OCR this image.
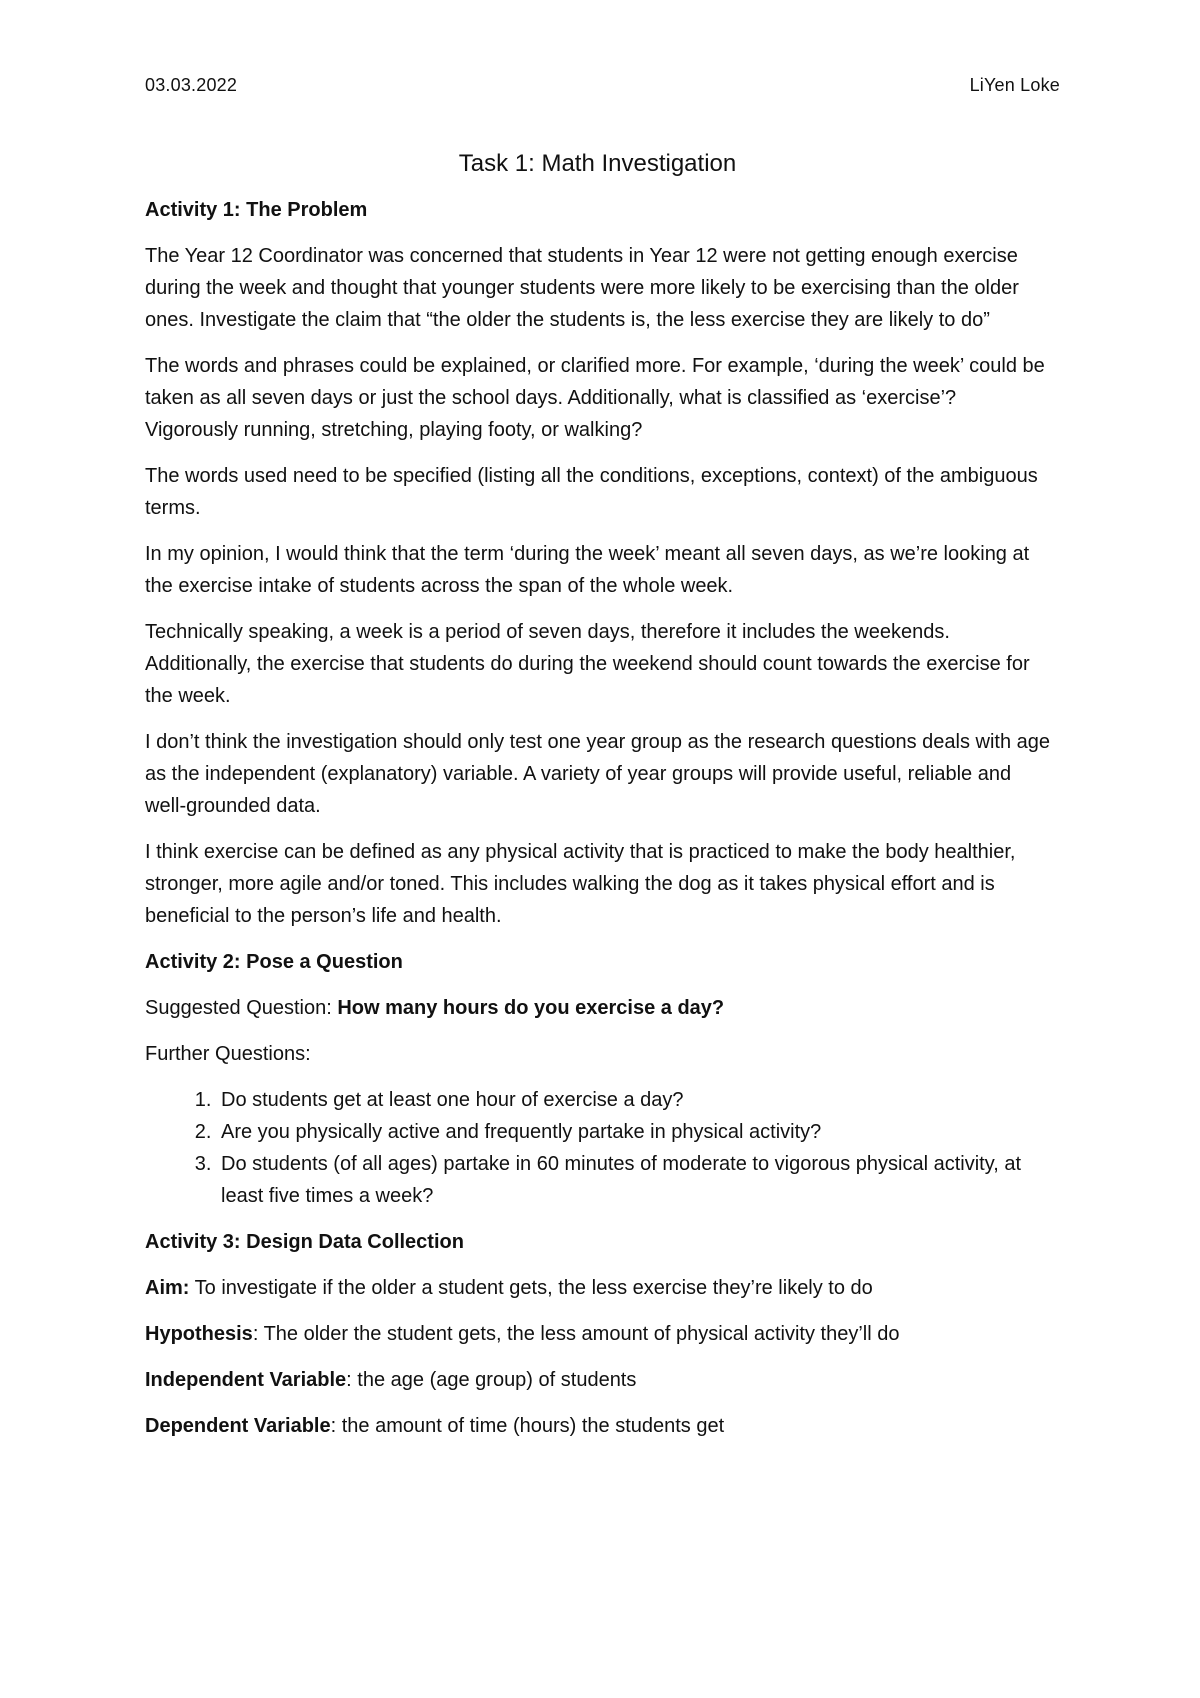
03.03.2022	LiYen Loke
Task 1: Math Investigation
Activity 1: The Problem

The Year 12 Coordinator was concerned that students in Year 12 were not getting enough exercise during the week and thought that younger students were more likely to be exercising than the older ones. Investigate the claim that “the older the students is, the less exercise they are likely to do”

The words and phrases could be explained, or clarified more. For example, ‘during the week’ could be taken as all seven days or just the school days. Additionally, what is classified as ‘exercise’? Vigorously running, stretching, playing footy, or walking?

The words used need to be specified (listing all the conditions, exceptions, context) of the ambiguous terms.

In my opinion, I would think that the term ‘during the week’ meant all seven days, as we’re looking at the exercise intake of students across the span of the whole week.

Technically speaking, a week is a period of seven days, therefore it includes the weekends. Additionally, the exercise that students do during the weekend should count towards the exercise for the week.

I don’t think the investigation should only test one year group as the research questions deals with age as the independent (explanatory) variable. A variety of year groups will provide useful, reliable and well-grounded data.

I think exercise can be defined as any physical activity that is practiced to make the body healthier, stronger, more agile and/or toned. This includes walking the dog as it takes physical effort and is beneficial to the person’s life and health.

Activity 2: Pose a Question

Suggested Question: How many hours do you exercise a day?

Further Questions:

1. Do students get at least one hour of exercise a day?
2. Are you physically active and frequently partake in physical activity?
3. Do students (of all ages) partake in 60 minutes of moderate to vigorous physical activity, at least five times a week?
Activity 3: Design Data Collection

Aim: To investigate if the older a student gets, the less exercise they’re likely to do

Hypothesis: The older the student gets, the less amount of physical activity they’ll do

Independent Variable: the age (age group) of students

Dependent Variable: the amount of time (hours) the students get
